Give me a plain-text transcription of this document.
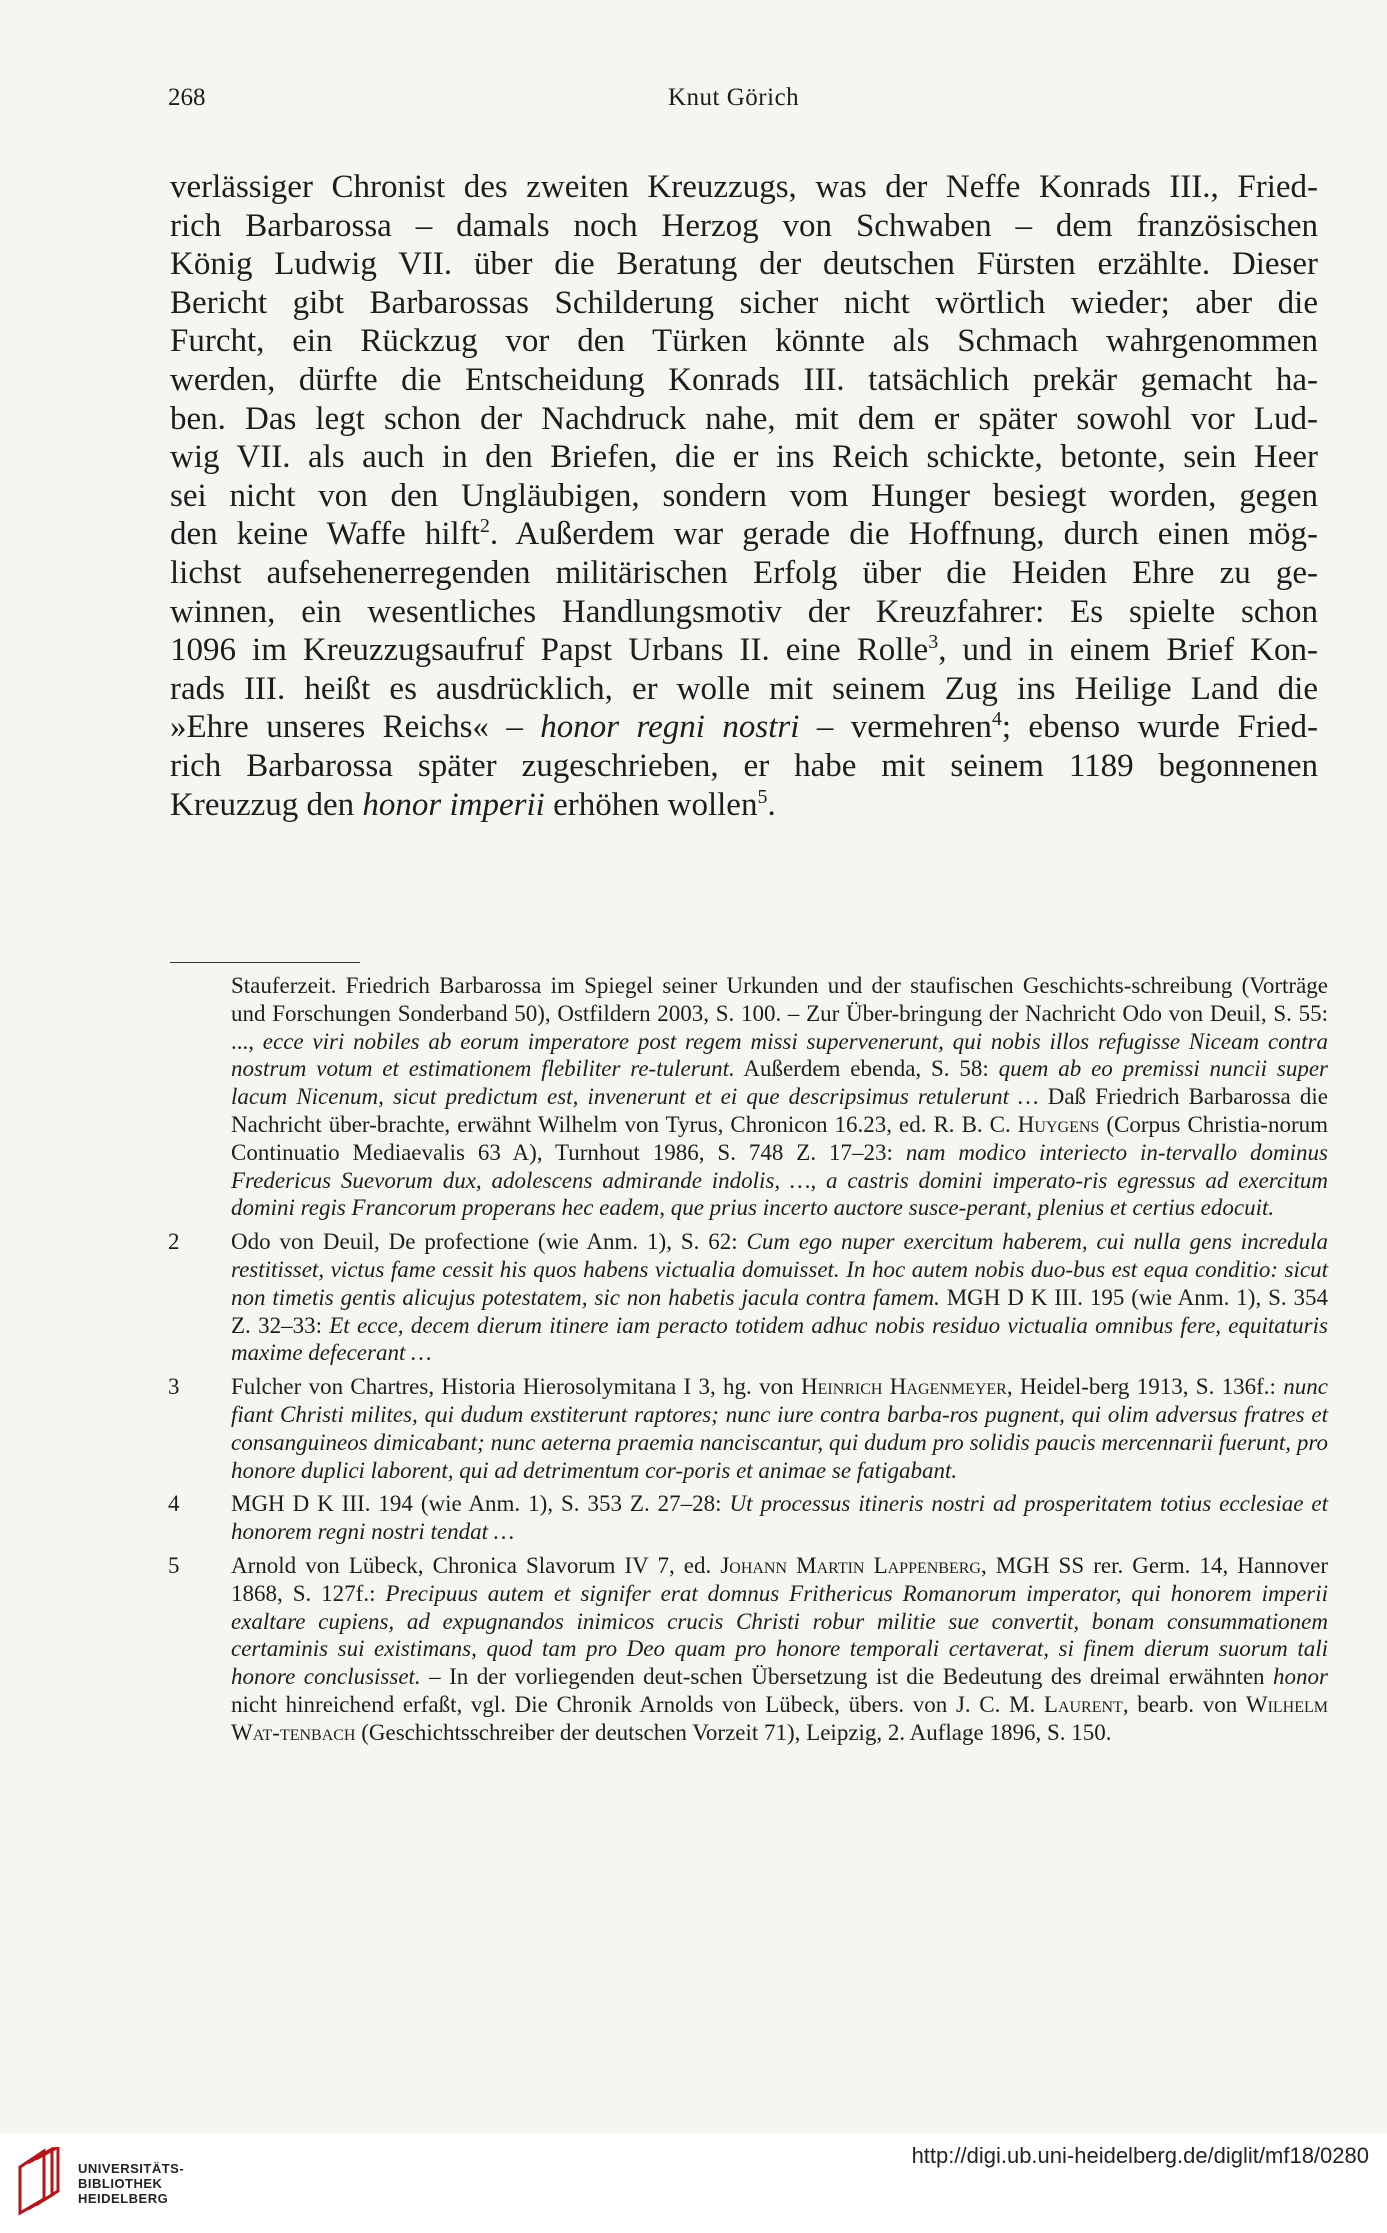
268	Knut Görich
verlässiger Chronist des zweiten Kreuzzugs, was der Neffe Konrads III., Fried-
rich Barbarossa – damals noch Herzog von Schwaben – dem französischen
König Ludwig VII. über die Beratung der deutschen Fürsten erzählte. Dieser
Bericht gibt Barbarossas Schilderung sicher nicht wörtlich wieder; aber die
Furcht, ein Rückzug vor den Türken könnte als Schmach wahrgenommen
werden, dürfte die Entscheidung Konrads III. tatsächlich prekär gemacht ha-
ben. Das legt schon der Nachdruck nahe, mit dem er später sowohl vor Lud-
wig VII. als auch in den Briefen, die er ins Reich schickte, betonte, sein Heer
sei nicht von den Ungläubigen, sondern vom Hunger besiegt worden, gegen
den keine Waffe hilft$^2$. Außerdem war gerade die Hoffnung, durch einen mög-
lichst aufsehenerregenden militärischen Erfolg über die Heiden Ehre zu ge-
winnen, ein wesentliches Handlungsmotiv der Kreuzfahrer: Es spielte schon
1096 im Kreuzzugsaufruf Papst Urbans II. eine Rolle$^3$, und in einem Brief Kon-
rads III. heißt es ausdrücklich, er wolle mit seinem Zug ins Heilige Land die
»Ehre unseres Reichs« – honor regni nostri – vermehren$^4$; ebenso wurde Fried-
rich Barbarossa später zugeschrieben, er habe mit seinem 1189 begonnenen
Kreuzzug den honor imperii erhöhen wollen$^5$.

Stauferzeit. Friedrich Barbarossa im Spiegel seiner Urkunden und der staufischen Geschichts-schreibung (Vorträge und Forschungen Sonderband 50), Ostfildern 2003, S. 100. – Zur Über-bringung der Nachricht Odo von Deuil, S. 55: ..., ecce viri nobiles ab eorum imperatore post regem missi supervenerunt, qui nobis illos refugisse Niceam contra nostrum votum et estimationem flebiliter re-tulerunt. Außerdem ebenda, S. 58: quem ab eo premissi nuncii super lacum Nicenum, sicut predictum est, invenerunt et ei que descripsimus retulerunt … Daß Friedrich Barbarossa die Nachricht über-brachte, erwähnt Wilhelm von Tyrus, Chronicon 16.23, ed. R. B. C. Huygens (Corpus Christia-norum Continuatio Mediaevalis 63 A), Turnhout 1986, S. 748 Z. 17–23: nam modico interiecto in-tervallo dominus Fredericus Suevorum dux, adolescens admirande indolis, …, a castris domini imperato-ris egressus ad exercitum domini regis Francorum properans hec eadem, que prius incerto auctore susce-perant, plenius et certius edocuit.

2 Odo von Deuil, De profectione (wie Anm. 1), S. 62: Cum ego nuper exercitum haberem, cui nulla gens incredula restitisset, victus fame cessit his quos habens victualia domuisset. In hoc autem nobis duo-bus est equa conditio: sicut non timetis gentis alicujus potestatem, sic non habetis jacula contra famem. MGH D K III. 195 (wie Anm. 1), S. 354 Z. 32–33: Et ecce, decem dierum itinere iam peracto totidem adhuc nobis residuo victualia omnibus fere, equitaturis maxime defecerant …

3 Fulcher von Chartres, Historia Hierosolymitana I 3, hg. von Heinrich Hagenmeyer, Heidel-berg 1913, S. 136f.: nunc fiant Christi milites, qui dudum exstiterunt raptores; nunc iure contra barba-ros pugnent, qui olim adversus fratres et consanguineos dimicabant; nunc aeterna praemia nanciscantur, qui dudum pro solidis paucis mercennarii fuerunt, pro honore duplici laborent, qui ad detrimentum cor-poris et animae se fatigabant.

4 MGH D K III. 194 (wie Anm. 1), S. 353 Z. 27–28: Ut processus itineris nostri ad prosperitatem totius ecclesiae et honorem regni nostri tendat …

5 Arnold von Lübeck, Chronica Slavorum IV 7, ed. Johann Martin Lappenberg, MGH SS rer. Germ. 14, Hannover 1868, S. 127f.: Precipuus autem et signifer erat domnus Frithericus Romanorum imperator, qui honorem imperii exaltare cupiens, ad expugnandos inimicos crucis Christi robur militie sue convertit, bonam consummationem certaminis sui existimans, quod tam pro Deo quam pro honore temporali certaverat, si finem dierum suorum tali honore conclusisset. – In der vorliegenden deut-schen Übersetzung ist die Bedeutung des dreimal erwähnten honor nicht hinreichend erfaßt, vgl. Die Chronik Arnolds von Lübeck, übers. von J. C. M. Laurent, bearb. von Wilhelm Wat-tenbach (Geschichtsschreiber der deutschen Vorzeit 71), Leipzig, 2. Auflage 1896, S. 150.

UNIVERSITÄTS-
BIBLIOTHEK
HEIDELBERG
http://digi.ub.uni-heidelberg.de/diglit/mf18/0280
